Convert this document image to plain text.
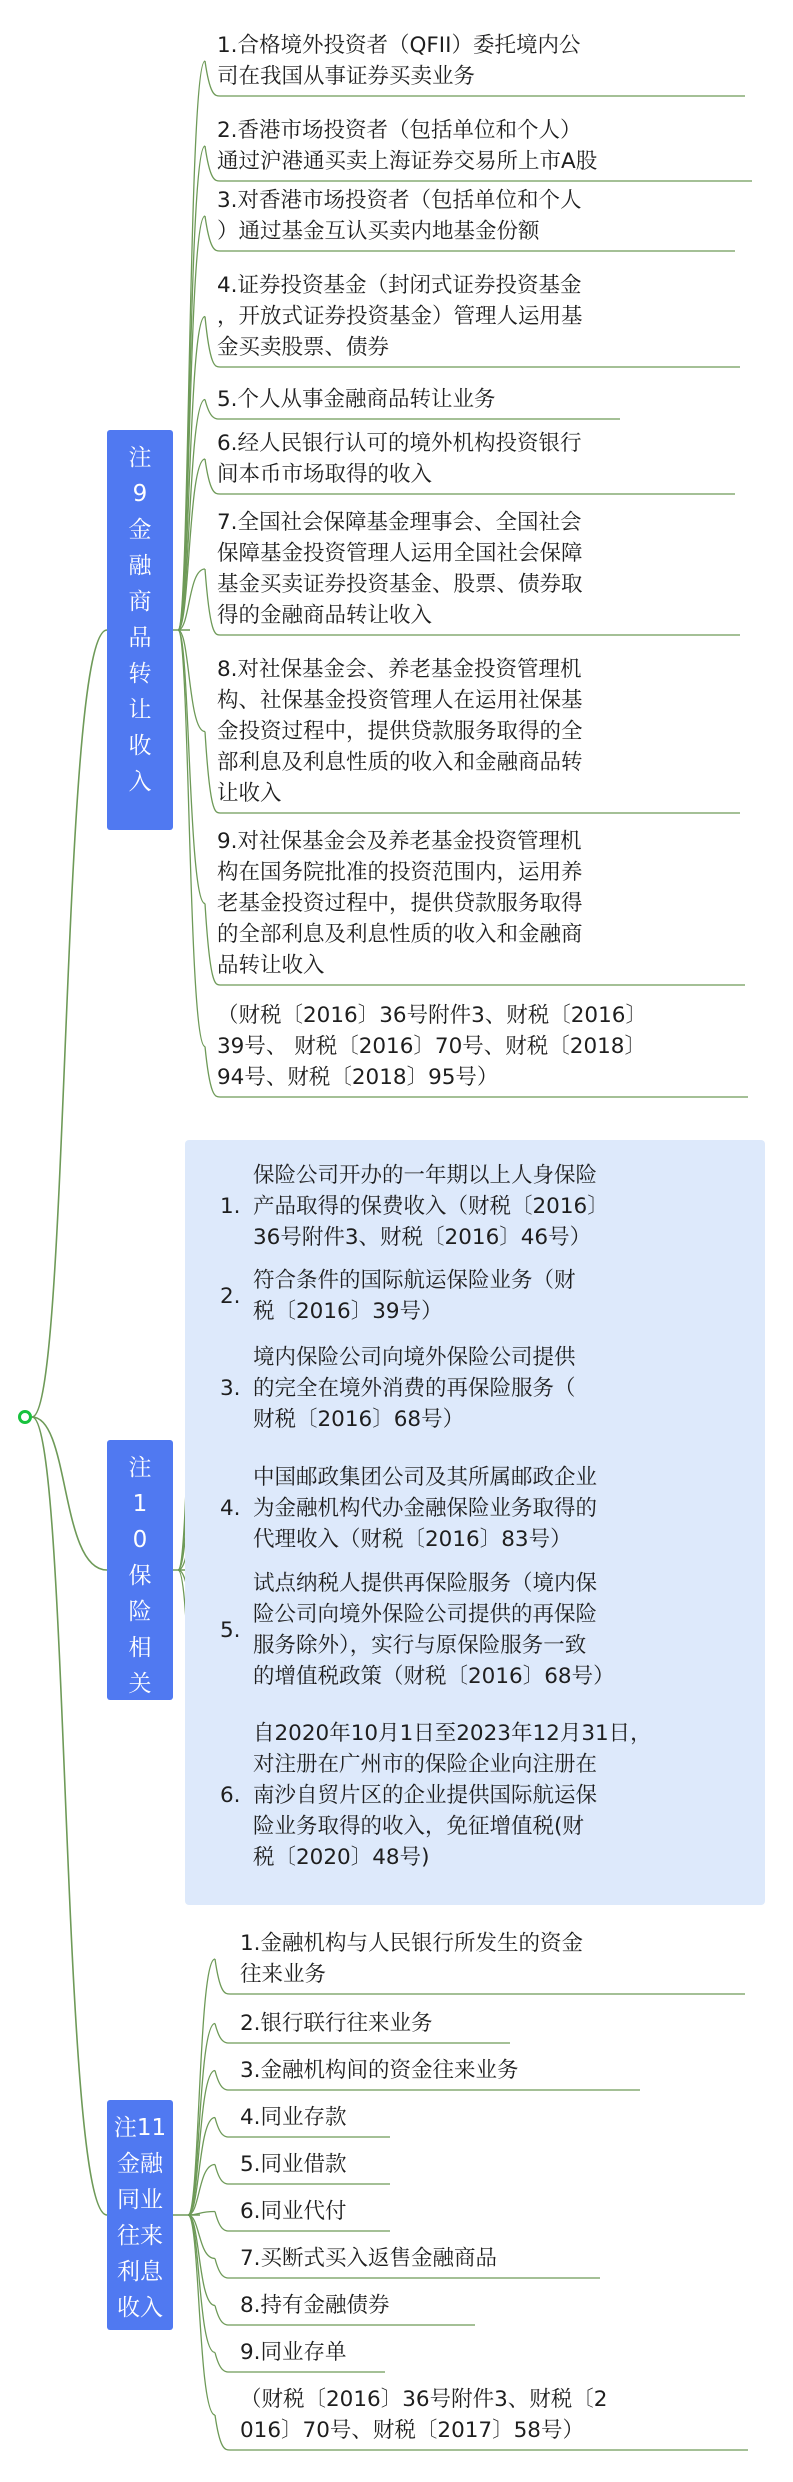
注
9
金
融
商
品
转
让
收
入
1.合格境外投资者（QFII）委托境内公
司在我国从事证券买卖业务
2.香港市场投资者（包括单位和个人）
通过沪港通买卖上海证券交易所上市A股
3.对香港市场投资者（包括单位和个人
）通过基金互认买卖内地基金份额
4.证券投资基金（封闭式证券投资基金
，开放式证券投资基金）管理人运用基
金买卖股票、债券
5.个人从事金融商品转让业务
6.经人民银行认可的境外机构投资银行
间本币市场取得的收入
7.全国社会保障基金理事会、全国社会
保障基金投资管理人运用全国社会保障
基金买卖证券投资基金、股票、债券取
得的金融商品转让收入
8.对社保基金会、养老基金投资管理机
构、社保基金投资管理人在运用社保基
金投资过程中，提供贷款服务取得的全
部利息及利息性质的收入和金融商品转
让收入
9.对社保基金会及养老基金投资管理机
构在国务院批准的投资范围内，运用养
老基金投资过程中，提供贷款服务取得
的全部利息及利息性质的收入和金融商
品转让收入
（财税〔2016〕36号附件3、财税〔2016〕
39号、 财税〔2016〕70号、财税〔2018〕
94号、财税〔2018〕95号）
注
1
0
保
险
相
关
1.
保险公司开办的一年期以上人身保险
产品取得的保费收入（财税〔2016〕
36号附件3、财税〔2016〕46号）
2.
符合条件的国际航运保险业务（财
税〔2016〕39号）
3.
境内保险公司向境外保险公司提供
的完全在境外消费的再保险服务（
财税〔2016〕68号）
4.
中国邮政集团公司及其所属邮政企业
为金融机构代办金融保险业务取得的
代理收入（财税〔2016〕83号）
5.
试点纳税人提供再保险服务（境内保
险公司向境外保险公司提供的再保险
服务除外），实行与原保险服务一致
的增值税政策（财税〔2016〕68号）
6.
自2020年10月1日至2023年12月31日，
对注册在广州市的保险企业向注册在
南沙自贸片区的企业提供国际航运保
险业务取得的收入，免征增值税(财
税〔2020〕48号)
注11
金融
同业
往来
利息
收入
1.金融机构与人民银行所发生的资金
往来业务
2.银行联行往来业务
3.金融机构间的资金往来业务
4.同业存款
5.同业借款
6.同业代付
7.买断式买入返售金融商品
8.持有金融债券
9.同业存单
（财税〔2016〕36号附件3、财税〔2
016〕70号、财税〔2017〕58号）
